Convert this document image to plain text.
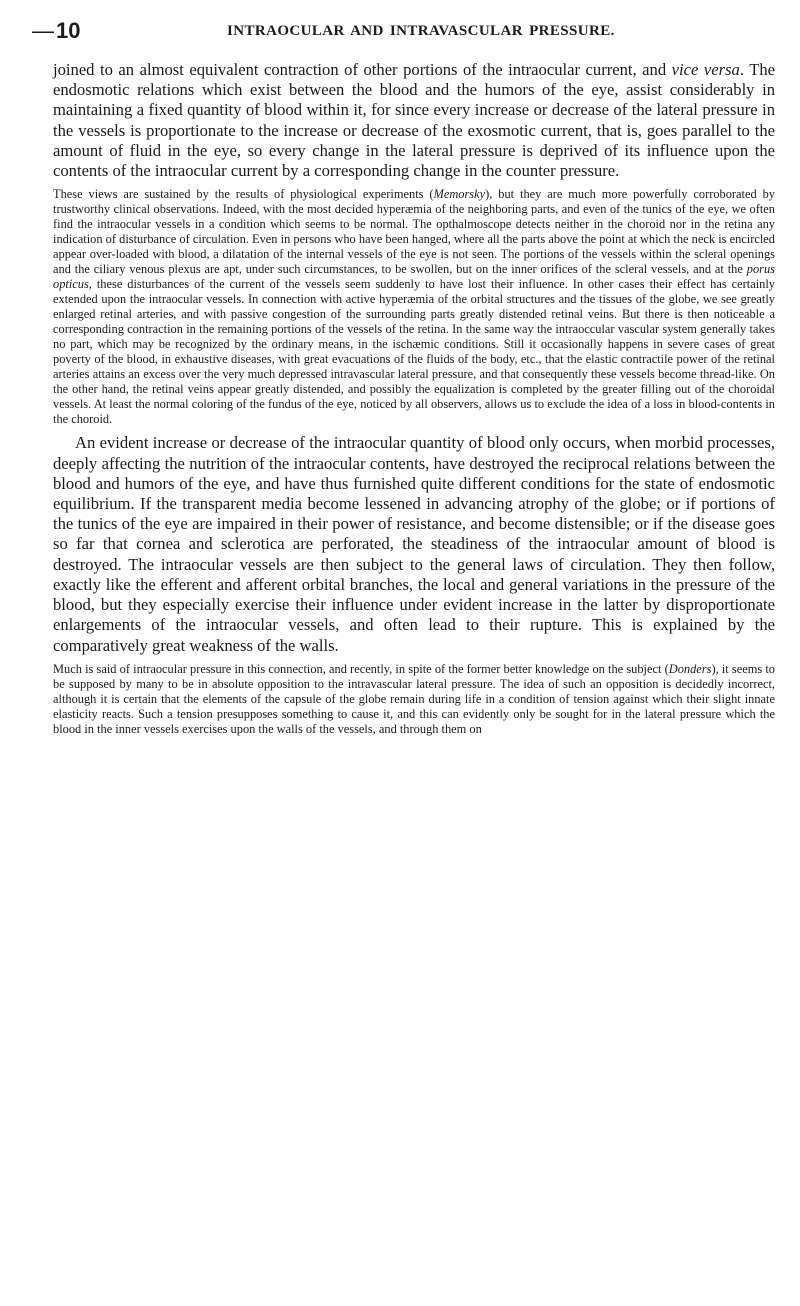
—10	INTRAOCULAR AND INTRAVASCULAR PRESSURE.

joined to an almost equivalent contraction of other portions of the intraocular current, and vice versa. The endosmotic relations which exist between the blood and the humors of the eye, assist considerably in maintaining a fixed quantity of blood within it, for since every increase or decrease of the lateral pressure in the vessels is proportionate to the increase or decrease of the exosmotic current, that is, goes parallel to the amount of fluid in the eye, so every change in the lateral pressure is deprived of its influence upon the contents of the intraocular current by a corresponding change in the counter pressure.

These views are sustained by the results of physiological experiments (Memorsky), but they are much more powerfully corroborated by trustworthy clinical observations. Indeed, with the most decided hyperæmia of the neighboring parts, and even of the tunics of the eye, we often find the intraocular vessels in a condition which seems to be normal. The opthalmoscope detects neither in the choroid nor in the retina any indication of disturbance of circulation. Even in persons who have been hanged, where all the parts above the point at which the neck is encircled appear over-loaded with blood, a dilatation of the internal vessels of the eye is not seen. The portions of the vessels within the scleral openings and the ciliary venous plexus are apt, under such circumstances, to be swollen, but on the inner orifices of the scleral vessels, and at the porus opticus, these disturbances of the current of the vessels seem suddenly to have lost their influence. In other cases their effect has certainly extended upon the intraocular vessels. In connection with active hyperæmia of the orbital structures and the tissues of the globe, we see greatly enlarged retinal arteries, and with passive congestion of the surrounding parts greatly distended retinal veins. But there is then noticeable a corresponding contraction in the remaining portions of the vessels of the retina. In the same way the intraoccular vascular system generally takes no part, which may be recognized by the ordinary means, in the ischæmic conditions. Still it occasionally happens in severe cases of great poverty of the blood, in exhaustive diseases, with great evacuations of the fluids of the body, etc., that the elastic contractile power of the retinal arteries attains an excess over the very much depressed intravascular lateral pressure, and that consequently these vessels become thread-like. On the other hand, the retinal veins appear greatly distended, and possibly the equalization is completed by the greater filling out of the choroidal vessels. At least the normal coloring of the fundus of the eye, noticed by all observers, allows us to exclude the idea of a loss in blood-contents in the choroid.

An evident increase or decrease of the intraocular quantity of blood only occurs, when morbid processes, deeply affecting the nutrition of the intraocular contents, have destroyed the reciprocal relations between the blood and humors of the eye, and have thus furnished quite different conditions for the state of endosmotic equilibrium. If the transparent media become lessened in advancing atrophy of the globe; or if portions of the tunics of the eye are impaired in their power of resistance, and become distensible; or if the disease goes so far that cornea and sclerotica are perforated, the steadiness of the intraocular amount of blood is destroyed. The intraocular vessels are then subject to the general laws of circulation. They then follow, exactly like the efferent and afferent orbital branches, the local and general variations in the pressure of the blood, but they especially exercise their influence under evident increase in the latter by disproportionate enlargements of the intraocular vessels, and often lead to their rupture. This is explained by the comparatively great weakness of the walls.

Much is said of intraocular pressure in this connection, and recently, in spite of the former better knowledge on the subject (Donders), it seems to be supposed by many to be in absolute opposition to the intravascular lateral pressure. The idea of such an opposition is decidedly incorrect, although it is certain that the elements of the capsule of the globe remain during life in a condition of tension against which their slight innate elasticity reacts. Such a tension presupposes something to cause it, and this can evidently only be sought for in the lateral pressure which the blood in the inner vessels exercises upon the walls of the vessels, and through them on
